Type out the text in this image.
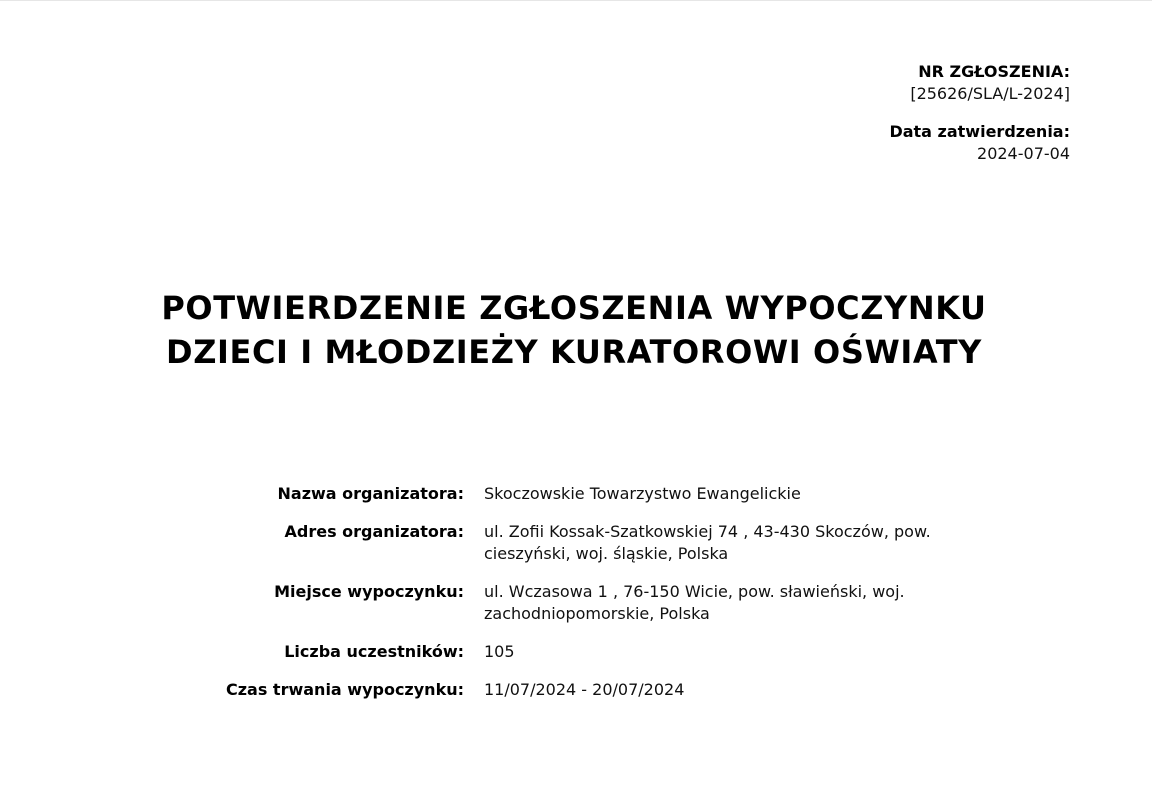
NR ZGŁOSZENIA:
[25626/SLA/L-2024]
Data zatwierdzenia:
2024-07-04
POTWIERDZENIE ZGŁOSZENIA WYPOCZYNKU
DZIECI I MŁODZIEŻY KURATOROWI OŚWIATY
Nazwa organizatora: Skoczowskie Towarzystwo Ewangelickie
Adres organizatora: ul. Zofii Kossak-Szatkowskiej 74 , 43-430 Skoczów, pow. cieszyński, woj. śląskie, Polska
Miejsce wypoczynku: ul. Wczasowa 1 , 76-150 Wicie, pow. sławieński, woj. zachodniopomorskie, Polska
Liczba uczestników: 105
Czas trwania wypoczynku: 11/07/2024 - 20/07/2024
